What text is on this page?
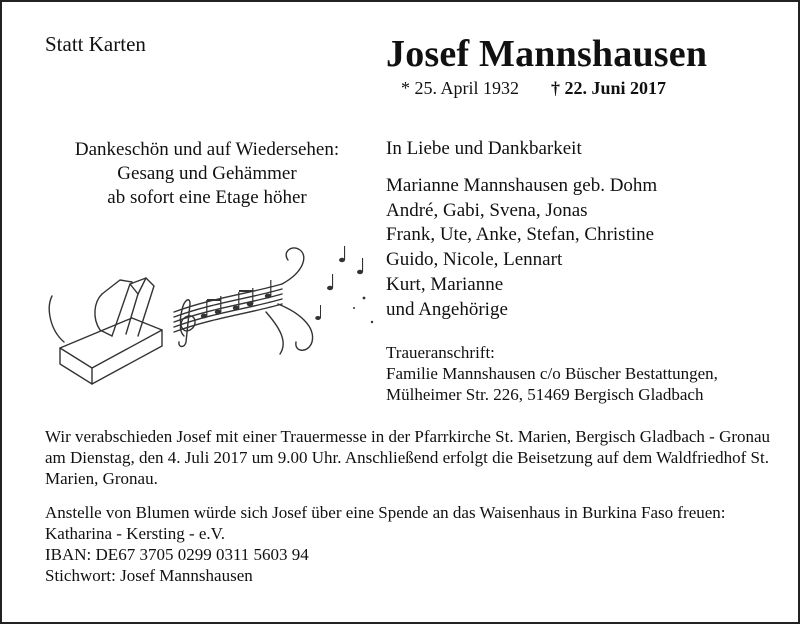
Statt Karten	Josef Mannshausen
* 25. April 1932 † 22. Juni 2017
Dankeschön und auf Wiedersehen:
Gesang und Gehämmer
ab sofort eine Etage höher
In Liebe und Dankbarkeit
Marianne Mannshausen geb. Dohm
André, Gabi, Svena, Jonas
Frank, Ute, Anke, Stefan, Christine
Guido, Nicole, Lennart
Kurt, Marianne
und Angehörige
Traueranschrift:
Familie Mannshausen c/o Büscher Bestattungen,
Mülheimer Str. 226, 51469 Bergisch Gladbach

Wir verabschieden Josef mit einer Trauermesse in der Pfarrkirche St. Marien, Bergisch Gladbach - Gronau am Dienstag, den 4. Juli 2017 um 9.00 Uhr. Anschließend erfolgt die Beisetzung auf dem Waldfriedhof St. Marien, Gronau.

Anstelle von Blumen würde sich Josef über eine Spende an das Waisenhaus in Burkina Faso freuen:
Katharina - Kersting - e.V.
IBAN: DE67 3705 0299 0311 5603 94
Stichwort: Josef Mannshausen
